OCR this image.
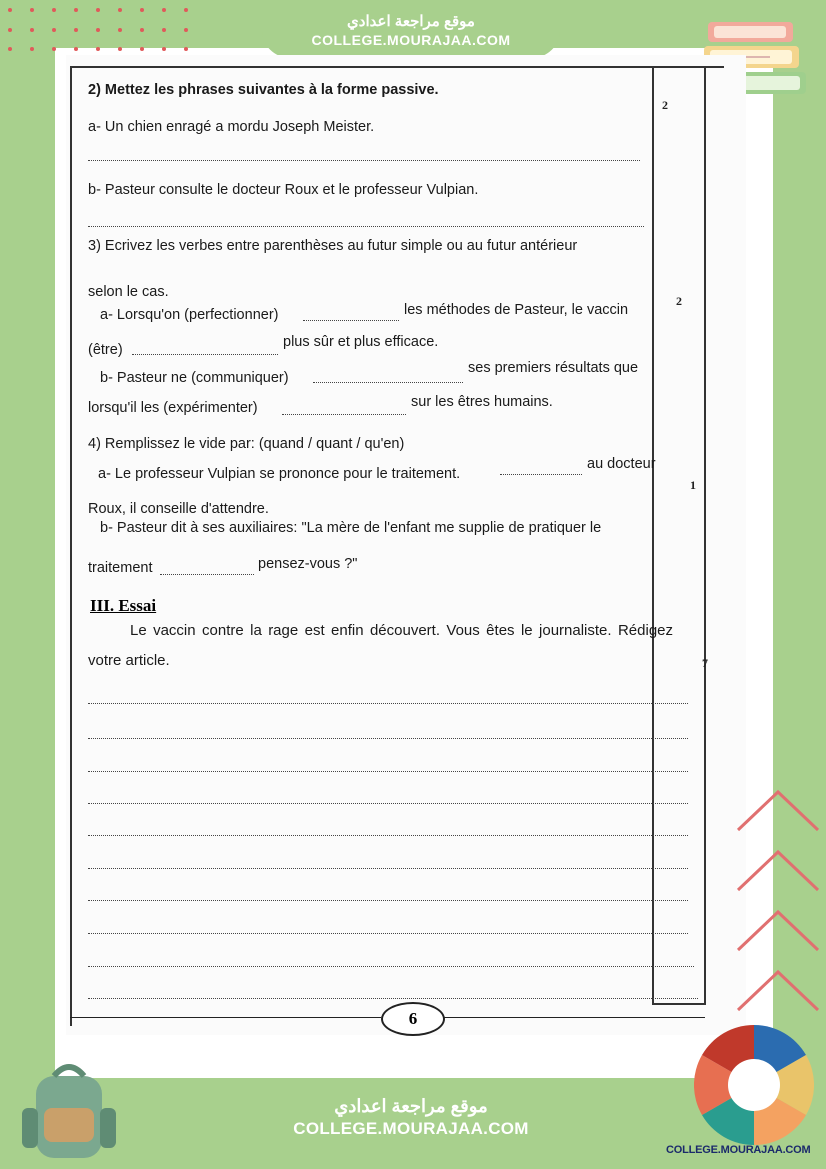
موقع مراجعة اعدادي
COLLEGE.MOURAJAA.COM
2
2
1
7
2) Mettez les phrases suivantes à la forme passive.
a- Un chien enragé a mordu Joseph Meister.
b- Pasteur consulte le docteur Roux et le professeur Vulpian.
3) Ecrivez les verbes entre parenthèses au futur simple ou au futur antérieur
selon le cas.
a- Lorsqu'on (perfectionner)	les méthodes de Pasteur, le vaccin
(être)	plus sûr et plus efficace.
b- Pasteur ne (communiquer)
ses premiers résultats que
lorsqu'il les (expérimenter)	sur les êtres humains.
4) Remplissez le vide par: (quand / quant / qu'en)
a- Le professeur Vulpian se prononce pour le traitement.
au docteur
Roux, il conseille d'attendre.
b- Pasteur dit à ses auxiliaires: "La mère de l'enfant me supplie de pratiquer le
traitement	pensez-vous ?"
III. Essai
Le vaccin contre la rage est enfin découvert. Vous êtes le journaliste. Rédigez votre article.
6
COLLEGE.MOURAJAA.COM
موقع مراجعة اعدادي
COLLEGE.MOURAJAA.COM
